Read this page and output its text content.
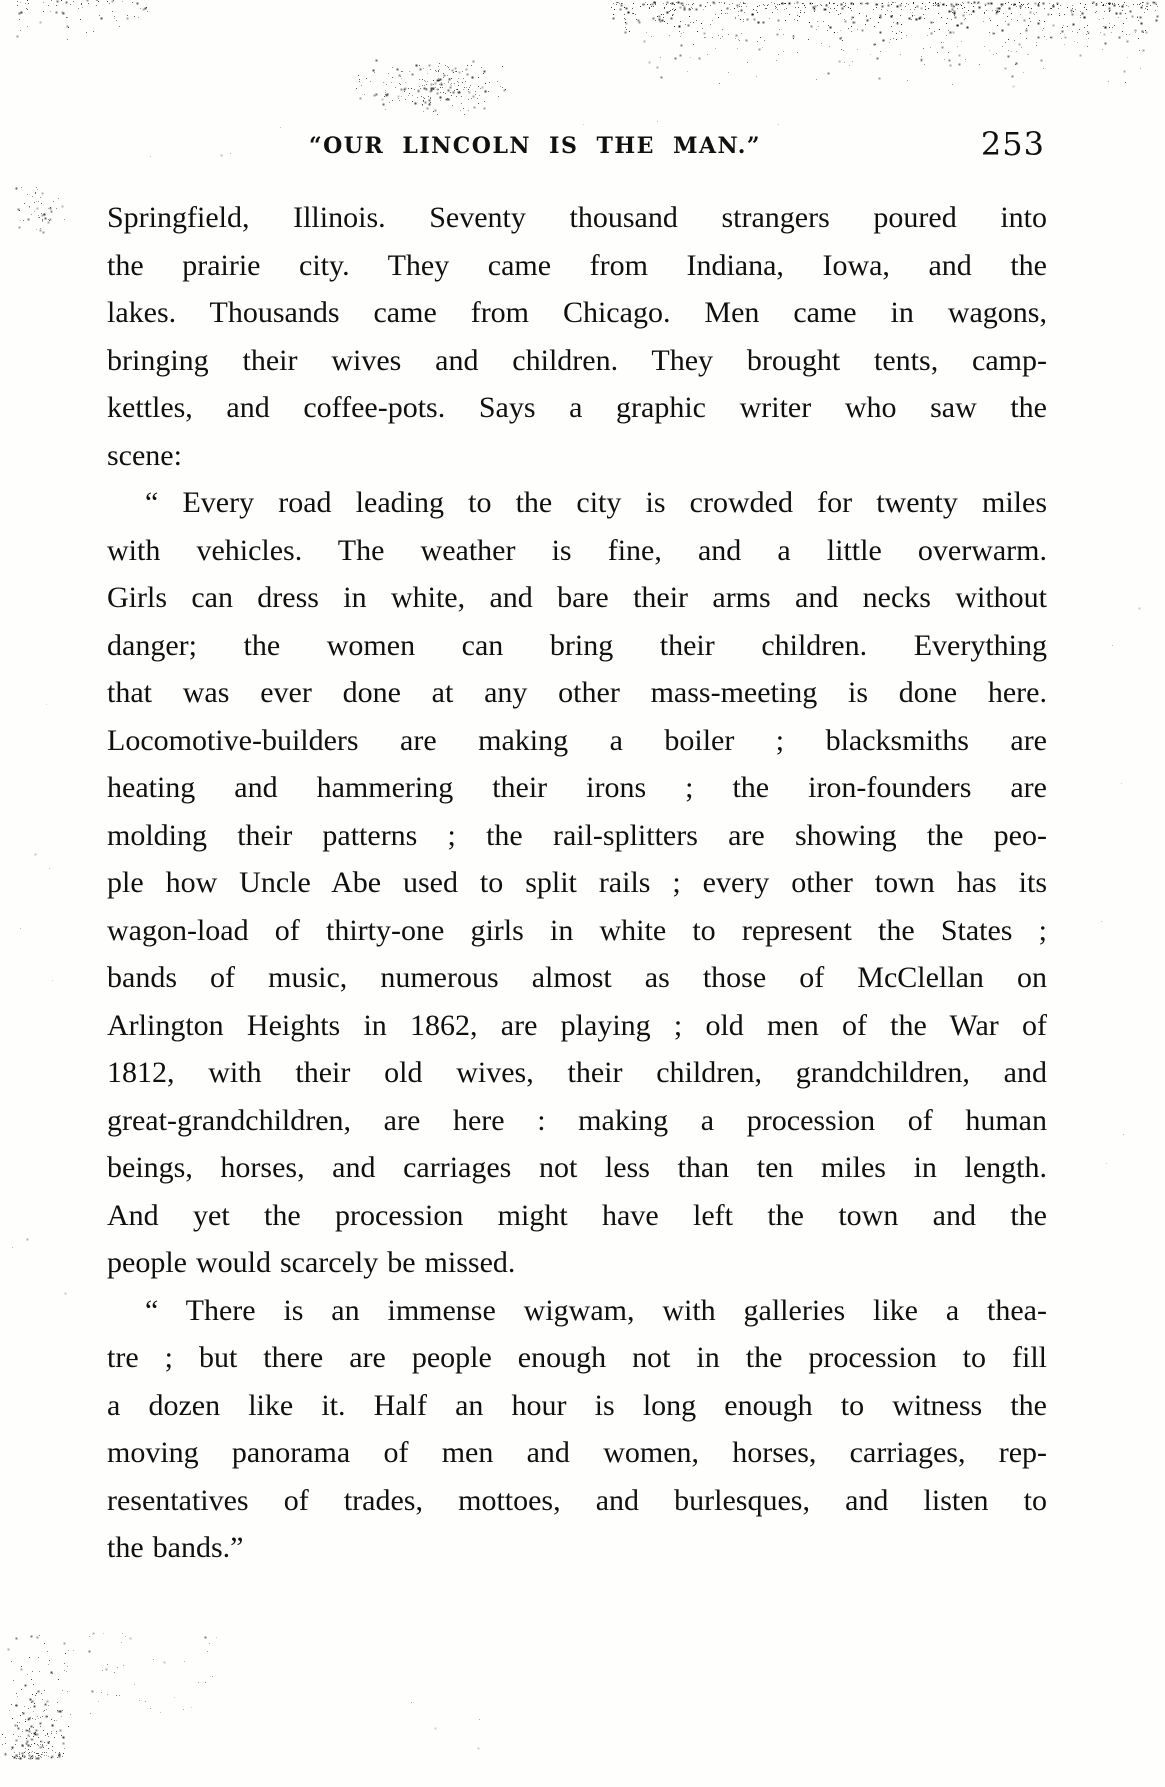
“OUR LINCOLN IS THE MAN.”	253
Springfield, Illinois. Seventy thousand strangers poured into
the prairie city. They came from Indiana, Iowa, and the
lakes. Thousands came from Chicago. Men came in wagons,
bringing their wives and children. They brought tents, camp-
kettles, and coffee-pots. Says a graphic writer who saw the
scene:
“ Every road leading to the city is crowded for twenty miles
with vehicles. The weather is fine, and a little overwarm.
Girls can dress in white, and bare their arms and necks without
danger; the women can bring their children. Everything
that was ever done at any other mass-meeting is done here.
Locomotive-builders are making a boiler ; blacksmiths are
heating and hammering their irons ; the iron-founders are
molding their patterns ; the rail-splitters are showing the peo-
ple how Uncle Abe used to split rails ; every other town has its
wagon-load of thirty-one girls in white to represent the States ;
bands of music, numerous almost as those of McClellan on
Arlington Heights in 1862, are playing ; old men of the War of
1812, with their old wives, their children, grandchildren, and
great-grandchildren, are here : making a procession of human
beings, horses, and carriages not less than ten miles in length.
And yet the procession might have left the town and the
people would scarcely be missed.
“ There is an immense wigwam, with galleries like a thea-
tre ; but there are people enough not in the procession to fill
a dozen like it. Half an hour is long enough to witness the
moving panorama of men and women, horses, carriages, rep-
resentatives of trades, mottoes, and burlesques, and listen to
the bands.”
